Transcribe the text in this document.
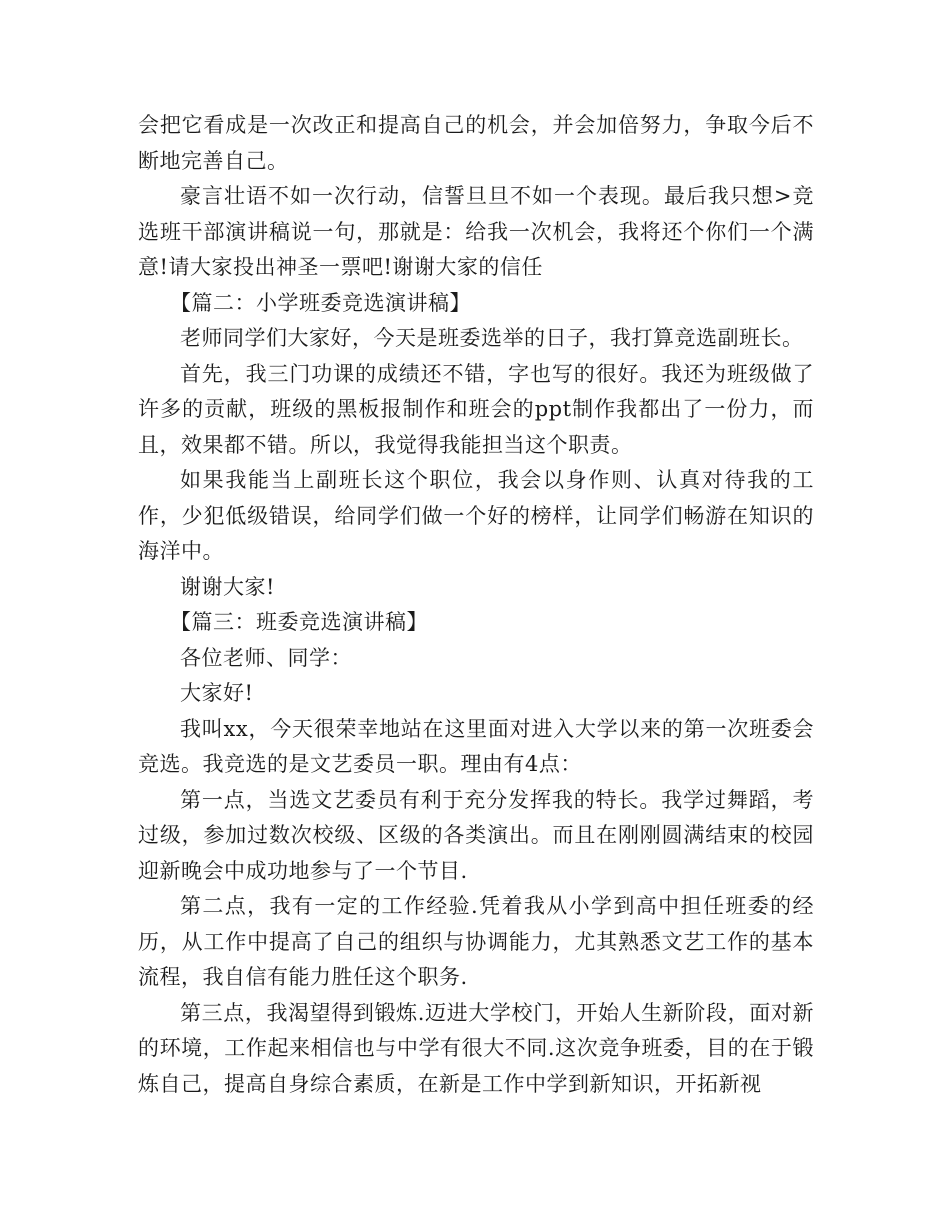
会把它看成是一次改正和提高自己的机会，并会加倍努力，争取今后不断地完善自己。

豪言壮语不如一次行动，信誓旦旦不如一个表现。最后我只想>竞选班干部演讲稿说一句，那就是：给我一次机会，我将还个你们一个满意!请大家投出神圣一票吧!谢谢大家的信任

【篇二：小学班委竞选演讲稿】

老师同学们大家好，今天是班委选举的日子，我打算竞选副班长。

首先，我三门功课的成绩还不错，字也写的很好。我还为班级做了许多的贡献，班级的黑板报制作和班会的ppt制作我都出了一份力，而且，效果都不错。所以，我觉得我能担当这个职责。

如果我能当上副班长这个职位，我会以身作则、认真对待我的工作，少犯低级错误，给同学们做一个好的榜样，让同学们畅游在知识的海洋中。

谢谢大家!

【篇三：班委竞选演讲稿】

各位老师、同学：

大家好!

我叫xx，今天很荣幸地站在这里面对进入大学以来的第一次班委会竞选。我竞选的是文艺委员一职。理由有4点：

第一点，当选文艺委员有利于充分发挥我的特长。我学过舞蹈，考过级，参加过数次校级、区级的各类演出。而且在刚刚圆满结束的校园迎新晚会中成功地参与了一个节目.

第二点，我有一定的工作经验.凭着我从小学到高中担任班委的经历，从工作中提高了自己的组织与协调能力，尤其熟悉文艺工作的基本流程，我自信有能力胜任这个职务.

第三点，我渴望得到锻炼.迈进大学校门，开始人生新阶段，面对新的环境，工作起来相信也与中学有很大不同.这次竞争班委，目的在于锻炼自己，提高自身综合素质，在新是工作中学到新知识，开拓新视
